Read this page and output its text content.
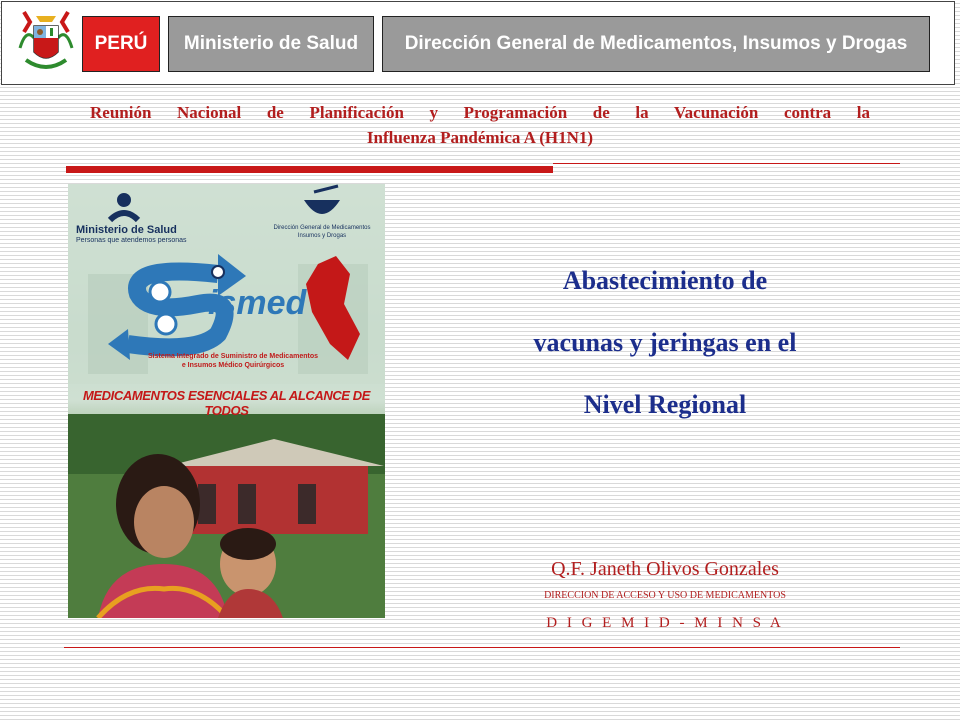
PERÚ	Ministerio de Salud	Dirección General de Medicamentos, Insumos y Drogas
Reunión Nacional de Planificación y Programación de la Vacunación contra la
Influenza Pandémica A (H1N1)
Ministerio de Salud
Personas que atendemos personas
Dirección General de Medicamentos
Insumos y Drogas
ismed
Sistema Integrado de Suministro de Medicamentos
e Insumos Médico Quirúrgicos
MEDICAMENTOS ESENCIALES AL ALCANCE DE TODOS
Abastecimiento de
vacunas y jeringas en el
Nivel Regional
Q.F. Janeth Olivos Gonzales
DIRECCION DE ACCESO Y USO DE MEDICAMENTOS
D I G E M I D - M I N S A
